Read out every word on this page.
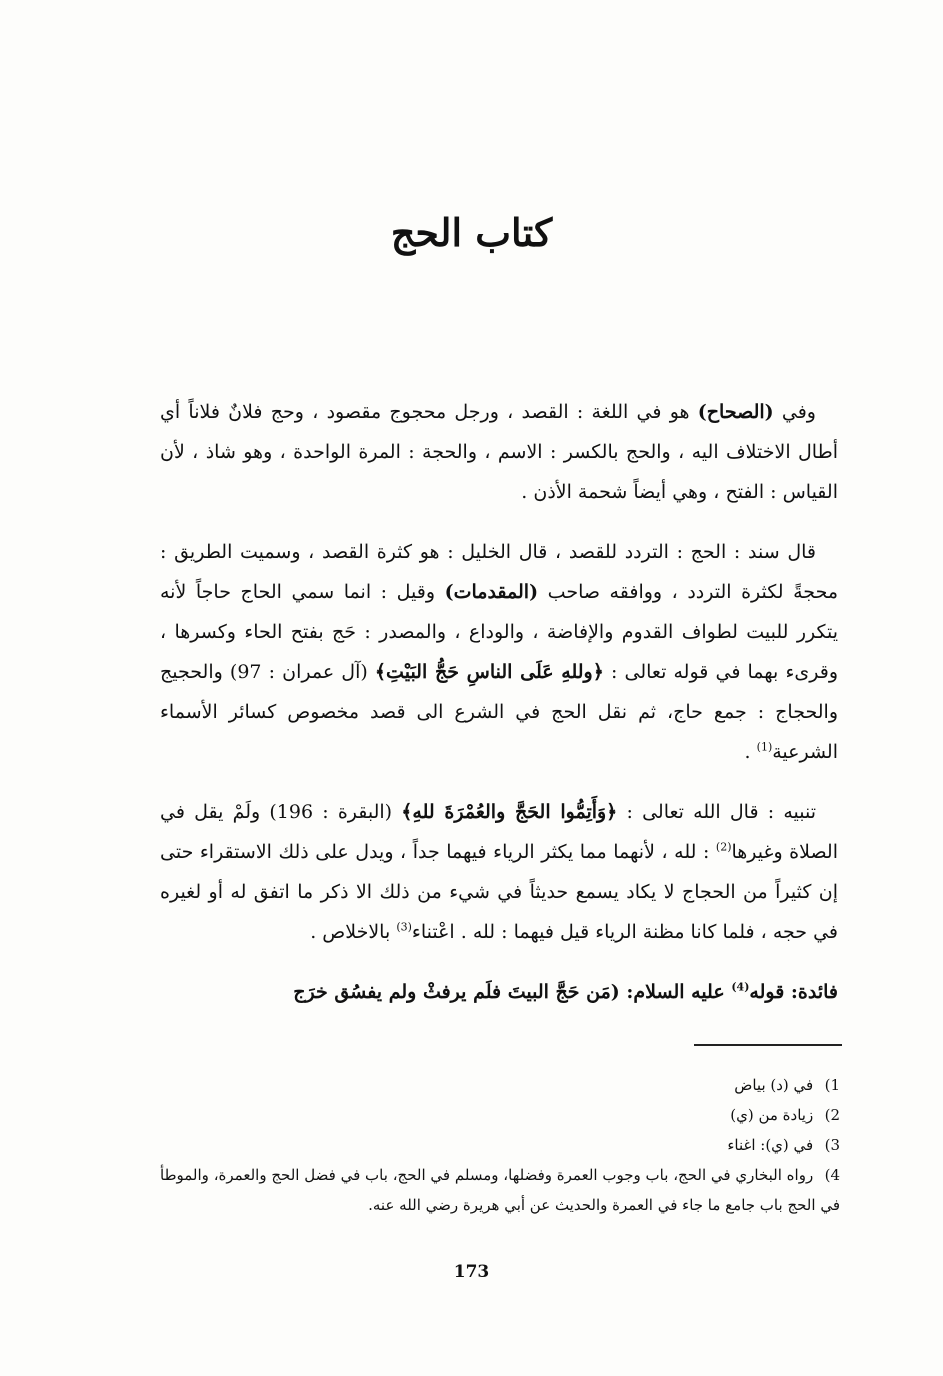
كتاب الحج

وفي (الصحاح) هو في اللغة : القصد ، ورجل محجوج مقصود ، وحج فلانٌ فلاناً أي أطال الاختلاف اليه ، والحج بالكسر : الاسم ، والحجة : المرة الواحدة ، وهو شاذ ، لأن القياس : الفتح ، وهي أيضاً شحمة الأذن .

قال سند : الحج : التردد للقصد ، قال الخليل : هو كثرة القصد ، وسميت الطريق : محجةً لكثرة التردد ، ووافقه صاحب (المقدمات) وقيل : انما سمي الحاج حاجاً لأنه يتكرر للبيت لطواف القدوم والإفاضة ، والوداع ، والمصدر : حَج بفتح الحاء وكسرها ، وقرىء بهما في قوله تعالى : ﴿وللهِ عَلَى الناسِ حَجُّ البَيْتِ﴾ (آل عمران : 97) والحجيج والحجاج : جمع حاج، ثم نقل الحج في الشرع الى قصد مخصوص كسائر الأسماء الشرعية$^{(1)}$ .

تنبيه : قال الله تعالى : ﴿وَأَتِمُّوا الحَجَّ والعُمْرَةَ للهِ﴾ (البقرة : 196) ولَمْ يقل في الصلاة وغيرها$^{(2)}$ : لله ، لأنهما مما يكثر الرياء فيهما جداً ، ويدل على ذلك الاستقراء حتى إن كثيراً من الحجاج لا يكاد يسمع حديثاً في شيء من ذلك الا ذكر ما اتفق له أو لغيره في حجه ، فلما كانا مظنة الرياء قيل فيهما : لله . اعْتناء$^{(3)}$ بالاخلاص .

فائدة: قوله$^{(4)}$ عليه السلام: (مَن حَجَّ البيتَ فلَم يرفثْ ولم يفسُق خرَج

1) في (د) بياض

2) زيادة من (ي)

3) في (ي): اغناء

4) رواه البخاري في الحج، باب وجوب العمرة وفضلها، ومسلم في الحج، باب في فضل الحج والعمرة، والموطأ في الحج باب جامع ما جاء في العمرة والحديث عن أبي هريرة رضي الله عنه.

173
